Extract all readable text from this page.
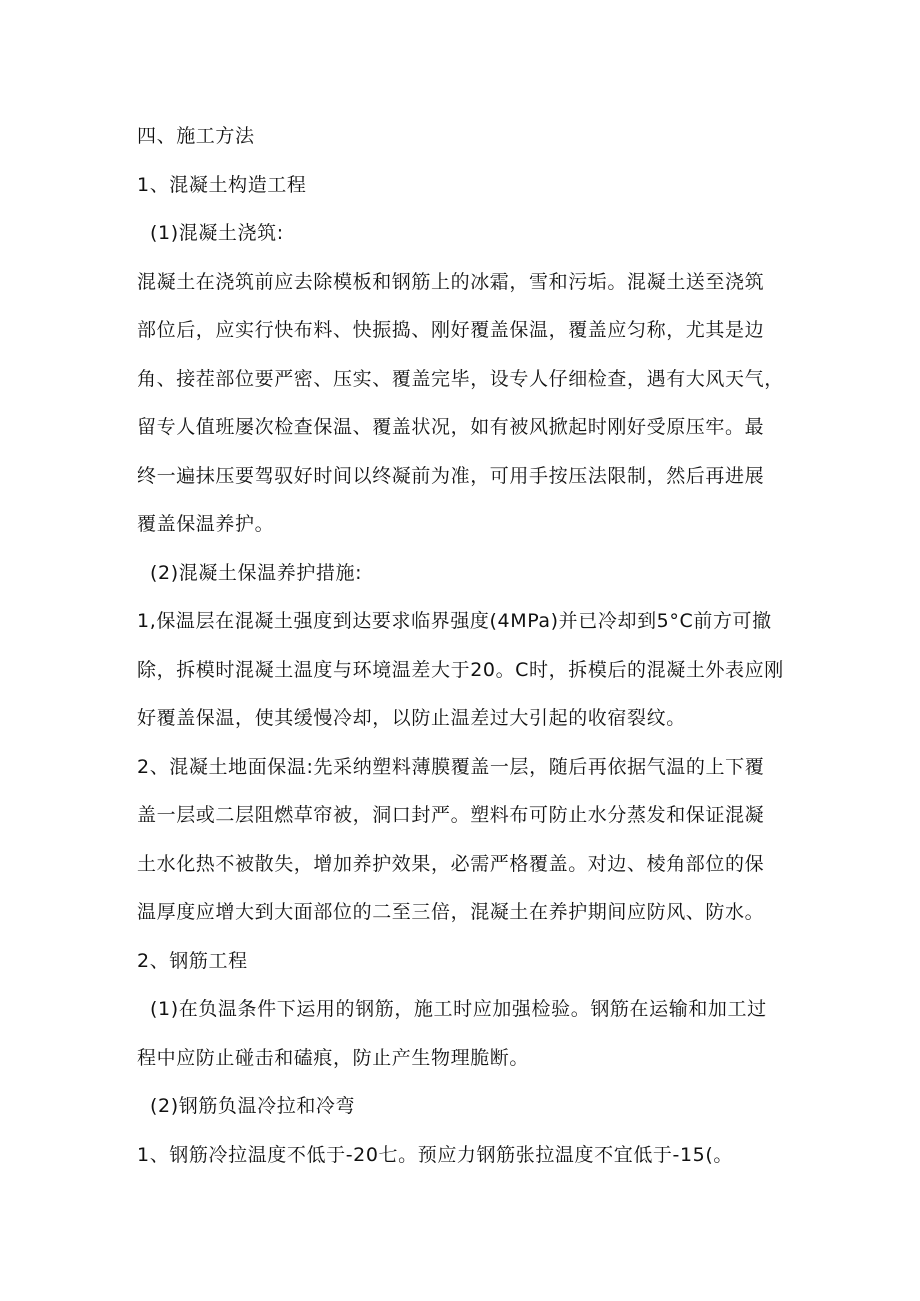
四、施工方法
1、混凝土构造工程
(1)混凝土浇筑:
混凝土在浇筑前应去除模板和钢筋上的冰霜，雪和污垢。混凝土送至浇筑
部位后，应实行快布料、快振捣、刚好覆盖保温，覆盖应匀称，尤其是边
角、接茬部位要严密、压实、覆盖完毕，设专人仔细检查，遇有大风天气，
留专人值班屡次检查保温、覆盖状况，如有被风掀起时刚好受原压牢。最
终一遍抹压要驾驭好时间以终凝前为准，可用手按压法限制，然后再进展
覆盖保温养护。
(2)混凝土保温养护措施:
1,保温层在混凝土强度到达要求临界强度(4MPa)并已冷却到5°C前方可撤
除，拆模时混凝土温度与环境温差大于20。C时，拆模后的混凝土外表应刚
好覆盖保温，使其缓慢冷却，以防止温差过大引起的收宿裂纹。
2、混凝土地面保温:先采纳塑料薄膜覆盖一层，随后再依据气温的上下覆
盖一层或二层阻燃草帘被，洞口封严。塑料布可防止水分蒸发和保证混凝
土水化热不被散失，增加养护效果，必需严格覆盖。对边、棱角部位的保
温厚度应增大到大面部位的二至三倍，混凝土在养护期间应防风、防水。
2、钢筋工程
(1)在负温条件下运用的钢筋，施工时应加强检验。钢筋在运输和加工过
程中应防止碰击和磕痕，防止产生物理脆断。
(2)钢筋负温冷拉和冷弯
1、钢筋冷拉温度不低于-20七。预应力钢筋张拉温度不宜低于-15(。
